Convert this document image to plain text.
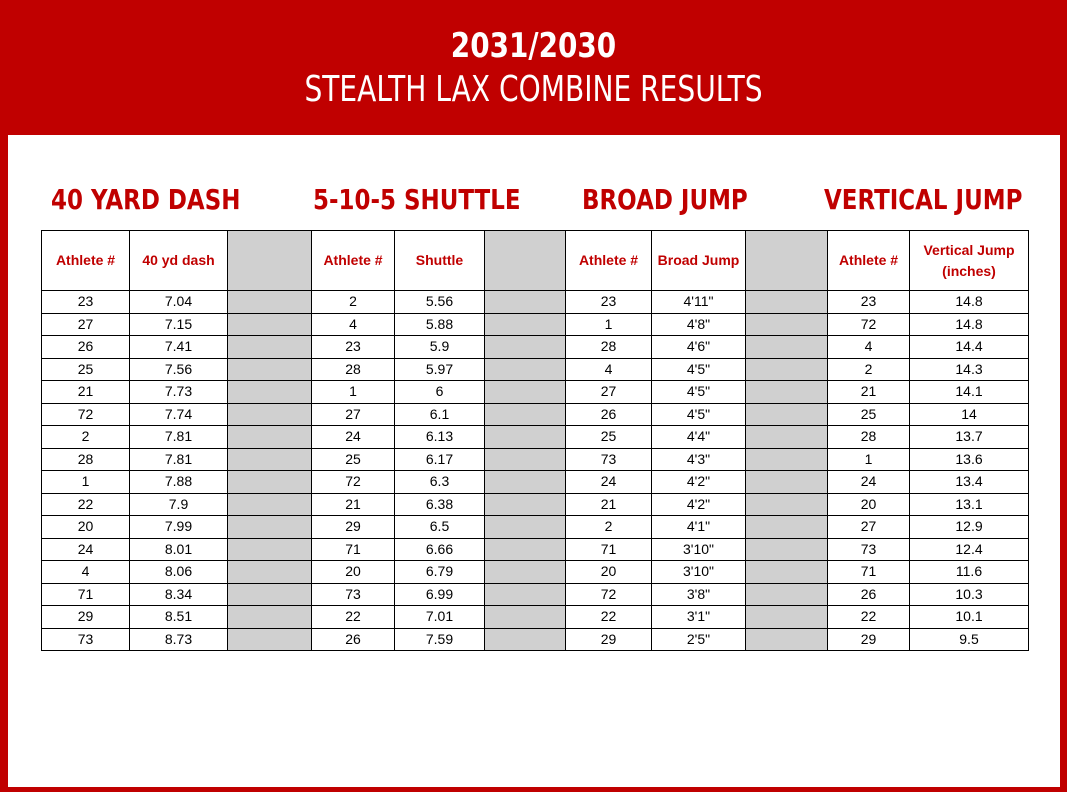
2031/2030
STEALTH LAX COMBINE RESULTS
40 YARD DASH	5-10-5 SHUTTLE BROAD JUMP	VERTICAL JUMP
Athlete #	40 yd dash		Athlete #	Shuttle		Athlete #	Broad Jump		Athlete #	Vertical Jump
(inches)
23	7.04		2	5.56		23	4'11"		23	14.8
27	7.15		4	5.88		1	4'8"		72	14.8
26	7.41		23	5.9		28	4'6"		4	14.4
25	7.56		28	5.97		4	4'5"		2	14.3
21	7.73		1	6		27	4'5"		21	14.1
72	7.74		27	6.1		26	4'5"		25	14
2	7.81		24	6.13		25	4'4"		28	13.7
28	7.81		25	6.17		73	4'3"		1	13.6
1	7.88		72	6.3		24	4'2"		24	13.4
22	7.9		21	6.38		21	4'2"		20	13.1
20	7.99		29	6.5		2	4'1"		27	12.9
24	8.01		71	6.66		71	3'10"		73	12.4
4	8.06		20	6.79		20	3'10"		71	11.6
71	8.34		73	6.99		72	3'8"		26	10.3
29	8.51		22	7.01		22	3'1"		22	10.1
73	8.73		26	7.59		29	2'5"		29	9.5
